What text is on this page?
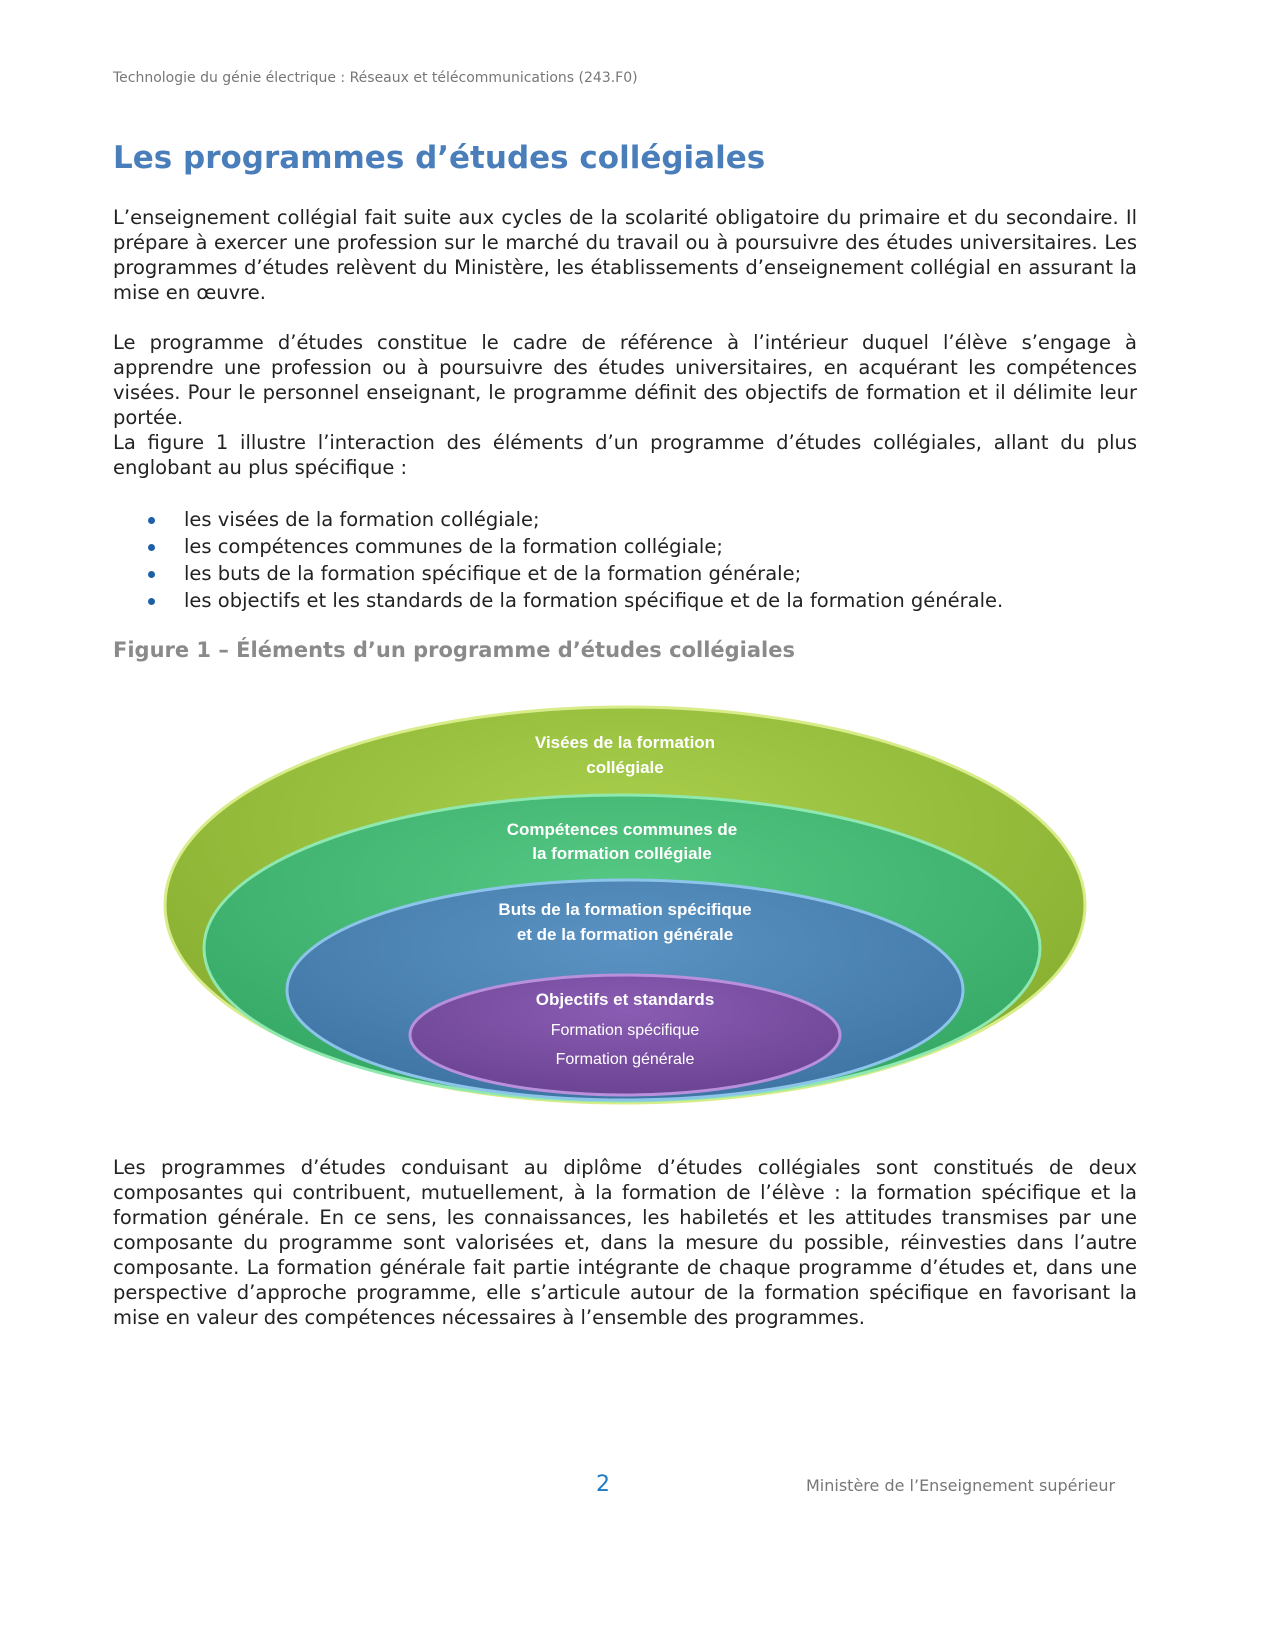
Technologie du génie électrique : Réseaux et télécommunications (243.F0)
Les programmes d’études collégiales

L’enseignement collégial fait suite aux cycles de la scolarité obligatoire du primaire et du secondaire. Il prépare à exercer une profession sur le marché du travail ou à poursuivre des études universitaires. Les programmes d’études relèvent du Ministère, les établissements d’enseignement collégial en assurant la mise en œuvre.

Le programme d’études constitue le cadre de référence à l’intérieur duquel l’élève s’engage à apprendre une profession ou à poursuivre des études universitaires, en acquérant les compétences visées. Pour le personnel enseignant, le programme définit des objectifs de formation et il délimite leur portée.

La figure 1 illustre l’interaction des éléments d’un programme d’études collégiales, allant du plus englobant au plus spécifique :

les visées de la formation collégiale;
les compétences communes de la formation collégiale;
les buts de la formation spécifique et de la formation générale;
les objectifs et les standards de la formation spécifique et de la formation générale.
Figure 1 – Éléments d’un programme d’études collégiales
Visées de la formation
collégiale
Compétences communes de
la formation collégiale
Buts de la formation spécifique
et de la formation générale
Objectifs et standards
Formation spécifique
Formation générale

Les programmes d’études conduisant au diplôme d’études collégiales sont constitués de deux composantes qui contribuent, mutuellement, à la formation de l’élève : la formation spécifique et la formation générale. En ce sens, les connaissances, les habiletés et les attitudes transmises par une composante du programme sont valorisées et, dans la mesure du possible, réinvesties dans l’autre composante. La formation générale fait partie intégrante de chaque programme d’études et, dans une perspective d’approche programme, elle s’articule autour de la formation spécifique en favorisant la mise en valeur des compétences nécessaires à l’ensemble des programmes.

2	Ministère de l’Enseignement supérieur
